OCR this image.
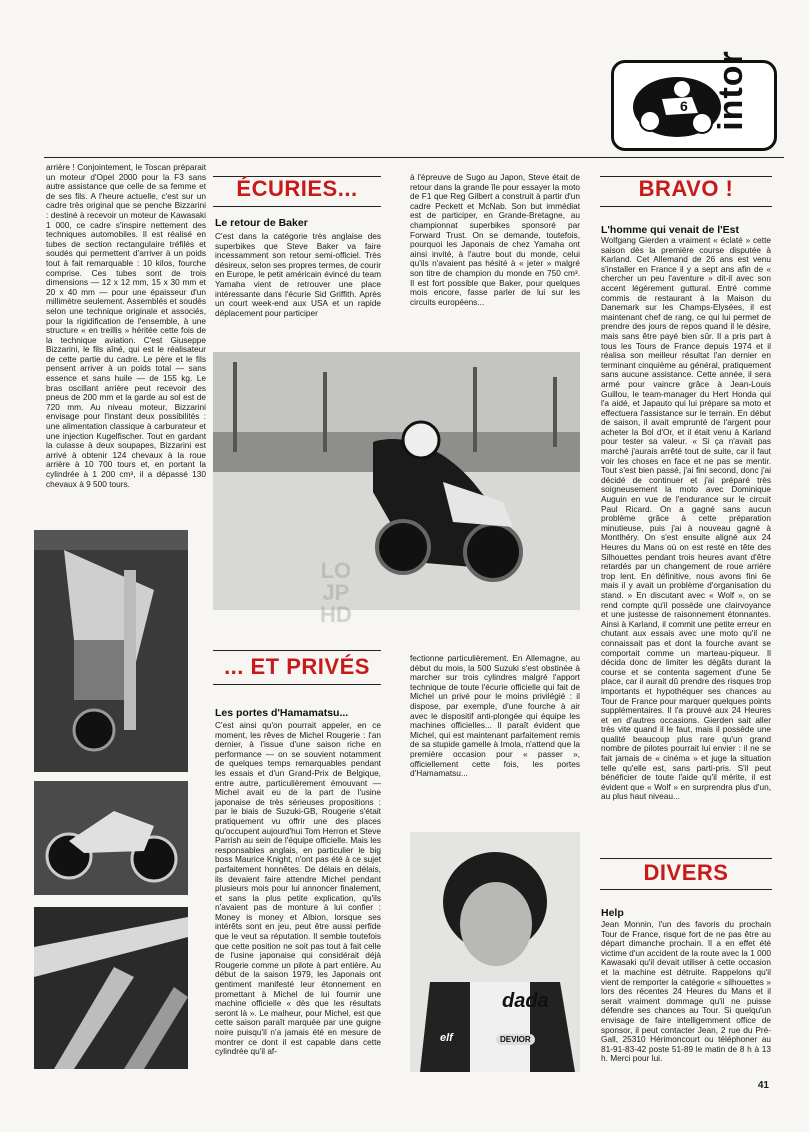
6 intor

arrière ! Conjointement, le Toscan préparait un moteur d'Opel 2000 pour la F3 sans autre assistance que celle de sa femme et de ses fils. A l'heure actuelle, c'est sur un cadre très original que se penche Bizzarini : destiné à recevoir un moteur de Kawasaki 1 000, ce cadre s'inspire nettement des techniques automobiles. Il est réalisé en tubes de section rectangulaire tréfilés et soudés qui permettent d'arriver à un poids tout à fait remarquable : 10 kilos, fourche comprise. Ces tubes sont de trois dimensions — 12 x 12 mm, 15 x 30 mm et 20 x 40 mm — pour une épaisseur d'un millimètre seulement. Assemblés et soudés selon une technique originale et associés, pour la rigidification de l'ensemble, à une structure « en treillis » héritée cette fois de la technique aviation. C'est Giuseppe Bizzarini, le fils aîné, qui est le réalisateur de cette partie du cadre. Le père et le fils pensent arriver à un poids total — sans essence et sans huile — de 155 kg. Le bras oscillant arrière peut recevoir des pneus de 200 mm et la garde au sol est de 720 mm. Au niveau moteur, Bizzarini envisage pour l'instant deux possibilités : une alimentation classique à carburateur et une injection Kugelfischer. Tout en gardant la culasse à deux soupapes, Bizzarini est arrivé à obtenir 124 chevaux à la roue arrière à 10 700 tours et, en portant la cylindrée à 1 200 cm³, il a dépassé 130 chevaux à 9 500 tours.

ÉCURIES...
Le retour de Baker

C'est dans la catégorie très anglaise des superbikes que Steve Baker va faire incessamment son retour semi-officiel. Très désireux, selon ses propres termes, de courir en Europe, le petit américain évincé du team Yamaha vient de retrouver une place intéressante dans l'écurie Sid Griffith. Après un court week-end aux USA et un rapide déplacement pour participer

à l'épreuve de Sugo au Japon, Steve était de retour dans la grande île pour essayer la moto de F1 que Reg Gilbert a construit à partir d'un cadre Peckett et McNab. Son but immédiat est de participer, en Grande-Bretagne, au championnat superbikes sponsoré par Forward Trust. On se demande, toutefois, pourquoi les Japonais de chez Yamaha ont ainsi invité, à l'autre bout du monde, celui qu'ils n'avaient pas hésité à « jeter » malgré son titre de champion du monde en 750 cm³. Il est fort possible que Baker, pour quelques mois encore, fasse parler de lui sur les circuits européens...

LO
JP
HD
... ET PRIVÉS
Les portes d'Hamamatsu...

C'est ainsi qu'on pourrait appeler, en ce moment, les rêves de Michel Rougerie : l'an dernier, à l'issue d'une saison riche en performance — on se souvient notamment de quelques temps remarquables pendant les essais et d'un Grand-Prix de Belgique, entre autre, particulièrement émouvant — Michel avait eu de la part de l'usine japonaise de très sérieuses propositions : par le biais de Suzuki-GB, Rougerie s'était pratiquement vu offrir une des places qu'occupent aujourd'hui Tom Herron et Steve Parrish au sein de l'équipe officielle. Mais les responsables anglais, en particulier le big boss Maurice Knight, n'ont pas été à ce sujet parfaitement honnêtes. De délais en délais, ils devaient faire attendre Michel pendant plusieurs mois pour lui annoncer finalement, et sans la plus petite explication, qu'ils n'avaient pas de monture à lui confier : Money is money et Albion, lorsque ses intérêts sont en jeu, peut être aussi perfide que le veut sa réputation. Il semble toutefois que cette position ne soit pas tout à fait celle de l'usine japonaise qui considérait déjà Rougerie comme un pilote à part entière. Au début de la saison 1979, les Japonais ont gentiment manifesté leur étonnement en promettant à Michel de lui fournir une machine officielle « dès que les résultats seront là ». Le malheur, pour Michel, est que cette saison paraît marquée par une guigne noire puisqu'il n'a jamais été en mesure de montrer ce dont il est capable dans cette cylindrée qu'il af-

fectionne particulièrement. En Allemagne, au début du mois, la 500 Suzuki s'est obstinée à marcher sur trois cylindres malgré l'apport technique de toute l'écurie officielle qui fait de Michel un privé pour le moins privilégié : il dispose, par exemple, d'une fourche à air avec le dispositif anti-plongée qui équipe les machines officielles... Il paraît évident que Michel, qui est maintenant parfaitement remis de sa stupide gamelle à Imola, n'attend que la première occasion pour « passer », officiellement cette fois, les portes d'Hamamatsu...

dada
elf	DEVIOR
BRAVO !
L'homme qui venait de l'Est

Wolfgang Gierden a vraiment « éclaté » cette saison dès la première course disputée à Karland. Cet Allemand de 26 ans est venu s'installer en France il y a sept ans afin de « chercher un peu l'aventure » dit-il avec son accent légèrement guttural. Entré comme commis de restaurant à la Maison du Danemark sur les Champs-Elysées, il est maintenant chef de rang, ce qui lui permet de prendre des jours de repos quand il le désire, mais sans être payé bien sûr. Il a pris part à tous les Tours de France depuis 1974 et il réalisa son meilleur résultat l'an dernier en terminant cinquième au général, pratiquement sans aucune assistance. Cette année, il sera armé pour vaincre grâce à Jean-Louis Guillou, le team-manager du Hert Honda qui l'a aidé, et Japauto qui lui prépare sa moto et effectuera l'assistance sur le terrain. En début de saison, il avait emprunté de l'argent pour acheter la Bol d'Or, et il était venu à Karland pour tester sa valeur. « Si ça n'avait pas marché j'aurais arrêté tout de suite, car il faut voir les choses en face et ne pas se mentir. Tout s'est bien passé, j'ai fini second, donc j'ai décidé de continuer et j'ai préparé très soigneusement la moto avec Dominique Auguin en vue de l'endurance sur le circuit Paul Ricard. On a gagné sans aucun problème grâce à cette préparation minutieuse, puis j'ai à nouveau gagné à Montlhéry. On s'est ensuite aligné aux 24 Heures du Mans où on est resté en tête des Silhouettes pendant trois heures avant d'être retardés par un changement de roue arrière trop lent. En définitive, nous avons fini 6e mais il y avait un problème d'organisation du stand. » En discutant avec « Wolf », on se rend compte qu'il possède une clairvoyance et une justesse de raisonnement étonnantes. Ainsi à Karland, il commit une petite erreur en chutant aux essais avec une moto qu'il ne connaissait pas et dont la fourche avant se comportait comme un marteau-piqueur. Il décida donc de limiter les dégâts durant la course et se contenta sagement d'une 5e place, car il aurait dû prendre des risques trop importants et hypothéquer ses chances au Tour de France pour marquer quelques points supplémentaires. Il l'a prouvé aux 24 Heures et en d'autres occasions. Gierden sait aller très vite quand il le faut, mais il possède une qualité beaucoup plus rare qu'un grand nombre de pilotes pourrait lui envier : il ne se fait jamais de « cinéma » et juge la situation telle qu'elle est, sans parti-pris. S'il peut bénéficier de toute l'aide qu'il mérite, il est évident que « Wolf » en surprendra plus d'un, au plus haut niveau...

DIVERS
Help

Jean Monnin, l'un des favoris du prochain Tour de France, risque fort de ne pas être au départ dimanche prochain. Il a en effet été victime d'un accident de la route avec la 1 000 Kawasaki qu'il devait utiliser à cette occasion et la machine est détruite. Rappelons qu'il vient de remporter la catégorie « silhouettes » lors des récentes 24 Heures du Mans et il serait vraiment dommage qu'il ne puisse défendre ses chances au Tour. Si quelqu'un envisage de faire intelligemment office de sponsor, il peut contacter Jean, 2 rue du Pré-Gall, 25310 Hérimoncourt ou téléphoner au 81-91-83-42 poste 51-89 le matin de 8 h à 13 h. Merci pour lui.

41
